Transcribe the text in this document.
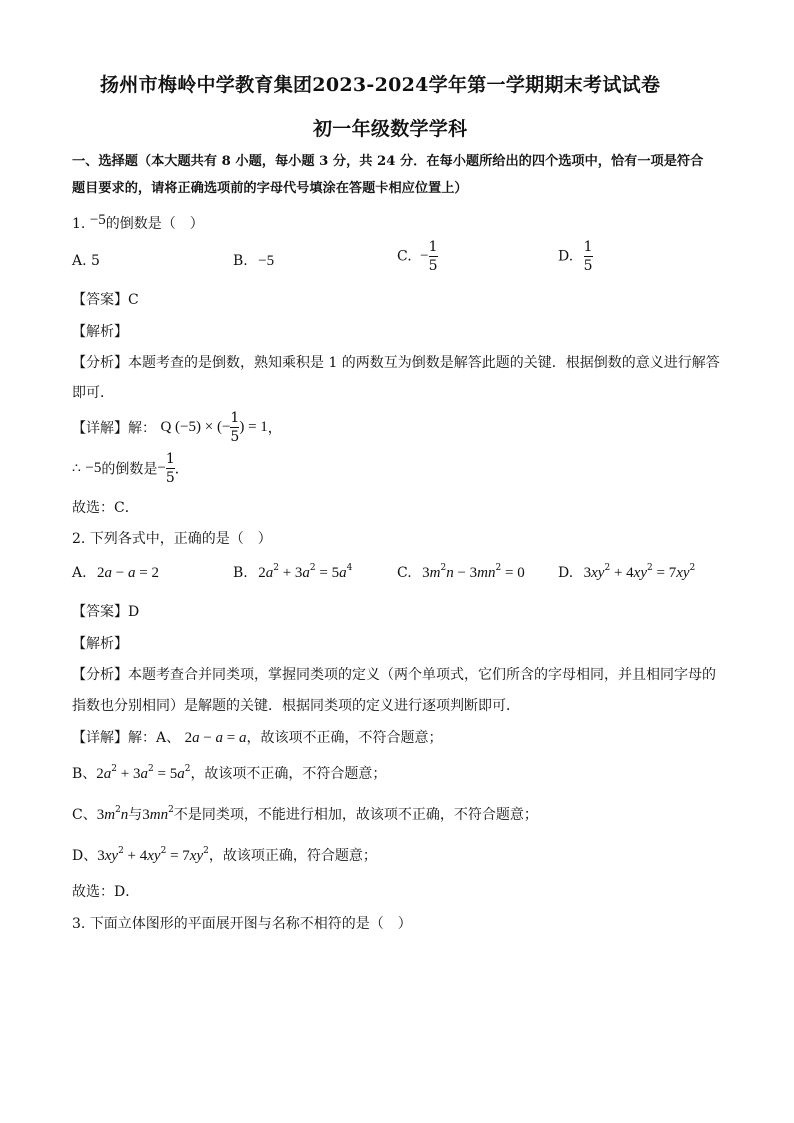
扬州市梅岭中学教育集团2023-2024学年第一学期期末考试试卷
初一年级数学学科
一、选择题（本大题共有 8 小题，每小题 3 分，共 24 分．在每小题所给出的四个选项中，恰有一项是符合
题目要求的，请将正确选项前的字母代号填涂在答题卡相应位置上）
1. −5的倒数是（　）
A. 5	B. −5	C. − $\frac{1}{5}$	D. $\frac{1}{5}$
【答案】C
【解析】
【分析】本题考查的是倒数，熟知乘积是 1 的两数互为倒数是解答此题的关键．根据倒数的意义进行解答
即可．
【详解】解： Q (−5) × (− $\frac{1}{5}$ ) = 1，
∴ −5的倒数是− $\frac{1}{5}$ ．
故选：C．
2. 下列各式中，正确的是（　）
A. 2a − a = 2	B. $2a^2 + 3a^2 = 5a^4$	C. $3m^2n - 3mn^2 = 0$ D. $3xy^2 + 4xy^2 = 7xy^2$
【答案】D
【解析】
【分析】本题考查合并同类项，掌握同类项的定义（两个单项式，它们所含的字母相同，并且相同字母的
指数也分别相同）是解题的关键．根据同类项的定义进行逐项判断即可．
【详解】解：A、 2a − a = a，故该项不正确，不符合题意；
B、$2a^2 + 3a^2 = 5a^2$，故该项不正确，不符合题意；
C、$3m^2n$与$3mn^2$不是同类项，不能进行相加，故该项不正确，不符合题意；
D、$3xy^2 + 4xy^2 = 7xy^2$，故该项正确，符合题意；
故选：D．
3. 下面立体图形的平面展开图与名称不相符的是（　）
